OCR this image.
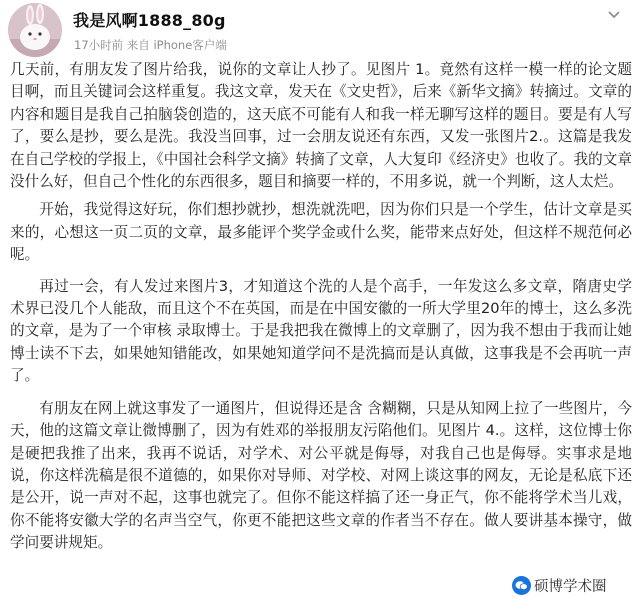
我是风啊1888_80g
17小时前 来自 iPhone客户端

几天前，有朋友发了图片给我，说你的文章让人抄了。见图片 1。竟然有这样一模一样的论文题目啊，而且关键词会这样重复。我这文章，发天在《文史哲》，后来《新华文摘》转摘过。文章的内容和题目是我自己拍脑袋创造的，这天底不可能有人和我一样无聊写这样的题目。要是有人写了，要么是抄，要么是洗。我没当回事，过一会朋友说还有东西，又发一张图片2.。这篇是我发在自己学校的学报上，《中国社会科学文摘》转摘了文章，人大复印《经济史》也收了。我的文章没什么好，但自己个性化的东西很多，题目和摘要一样的，不用多说，就一个判断，这人太烂。

开始，我觉得这好玩，你们想抄就抄，想洗就洗吧，因为你们只是一个学生，估计文章是买来的，心想这一页二页的文章，最多能评个奖学金或什么奖，能带来点好处，但这样不规范何必呢。

再过一会，有人发过来图片3，才知道这个洗的人是个高手，一年发这么多文章，隋唐史学术界已没几个人能敌，而且这个不在英国，而是在中国安徽的一所大学里20年的博士，这么多洗的文章，是为了一个审核 录取博士。于是我把我在微博上的文章删了，因为我不想由于我而让她博士读不下去，如果她知错能改，如果她知道学问不是洗搞而是认真做，这事我是不会再吭一声了。

有朋友在网上就这事发了一通图片，但说得还是含 含糊糊，只是从知网上拉了一些图片，今天，他的这篇文章让微博删了，因为有姓邓的举报朋友污陷他们。见图片 4.。这样，这位博士你是硬把我推了出来，我再不说话，对学术、对公平就是侮辱，对我自己也是侮辱。实事求是地说，你这样洗稿是很不道德的，如果你对导师、对学校、对网上谈这事的网友，无论是私底下还是公开，说一声对不起，这事也就完了。但你不能这样搞了还一身正气，你不能将学术当儿戏，你不能将安徽大学的名声当空气，你更不能把这些文章的作者当不存在。做人要讲基本操守，做学问要讲规矩。

硕博学术圈
